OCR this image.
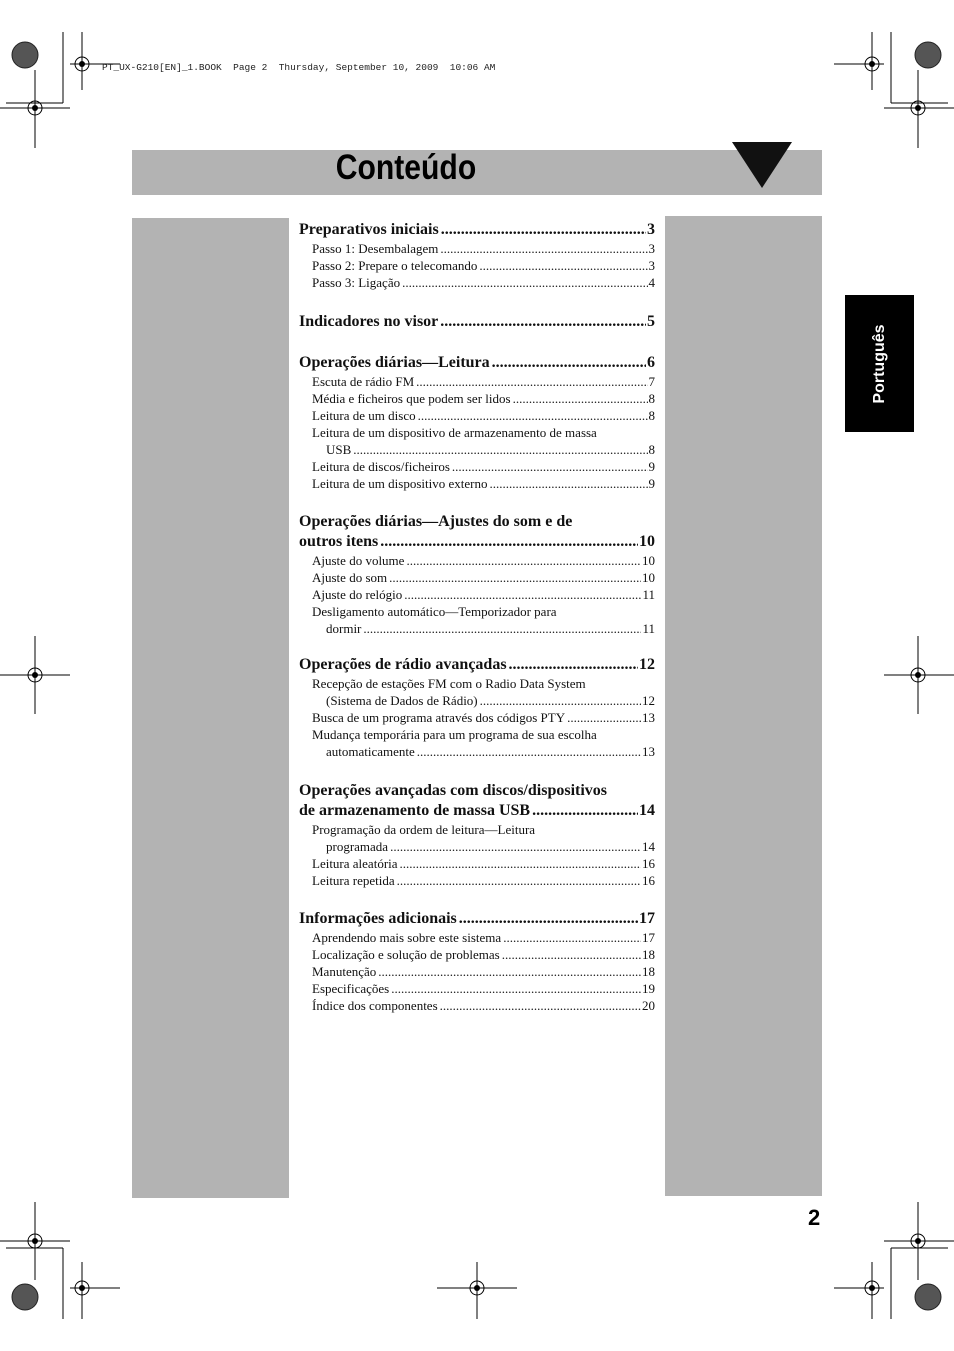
PT_UX-G210[EN]_1.BOOK  Page 2  Thursday, September 10, 2009  10:06 AM
Conteúdo
Português
Preparativos iniciais .....	3
Passo 1: Desembalagem .....	3
Passo 2: Prepare o telecomando .....	3
Passo 3: Ligação .....	4
Indicadores no visor .....	5
Operações diárias—Leitura .....	6
Escuta de rádio FM .....	7
Média e ficheiros que podem ser lidos .....	8
Leitura de um disco .....	8
Leitura de um dispositivo de armazenamento de massa
USB .....	8
Leitura de discos/ficheiros .....	9
Leitura de um dispositivo externo .....	9
Operações diárias—Ajustes do som e de
outros itens .....	10
Ajuste do volume .....	10
Ajuste do som .....	10
Ajuste do relógio .....	11
Desligamento automático—Temporizador para
dormir .....	11
Operações de rádio avançadas .....	12
Recepção de estações FM com o Radio Data System
(Sistema de Dados de Rádio) .....	12
Busca de um programa através dos códigos PTY .....	13
Mudança temporária para um programa de sua escolha
automaticamente .....	13
Operações avançadas com discos/dispositivos
de armazenamento de massa USB .....	14
Programação da ordem de leitura—Leitura
programada .....	14
Leitura aleatória .....	16
Leitura repetida .....	16
Informações adicionais .....	17
Aprendendo mais sobre este sistema .....	17
Localização e solução de problemas .....	18
Manutenção .....	18
Especificações .....	19
Índice dos componentes .....	20
2
